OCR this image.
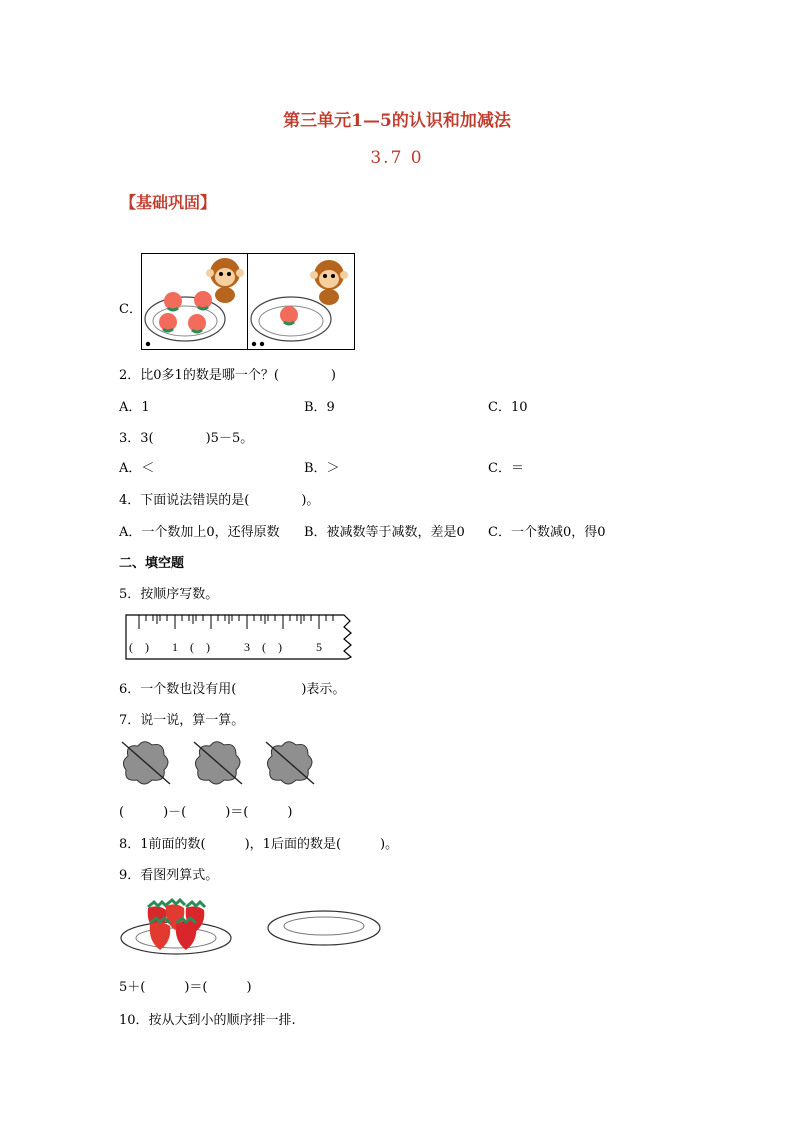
第三单元1—5的认识和加减法
3.7 0
【基础巩固】
C．
2．比0多1的数是哪一个？(　　　　)
A．1	B．9	C．10
3．3(　　　　)5－5。
A．＜	B．＞	C．＝
4．下面说法错误的是(　　　　)。
A．一个数加上0，还得原数 B．被减数等于减数，差是0 C．一个数减0，得0
二、填空题
5．按顺序写数。
(　) 1 (　)	3 (　)	5
6．一个数也没有用(　　　　　)表示。
7．说一说，算一算。
(　　　)－(　　　)＝(　　　)
8．1前面的数(　　　)，1后面的数是(　　　)。
9．看图列算式。
5＋(　　　)＝(　　　)
10．按从大到小的顺序排一排.
